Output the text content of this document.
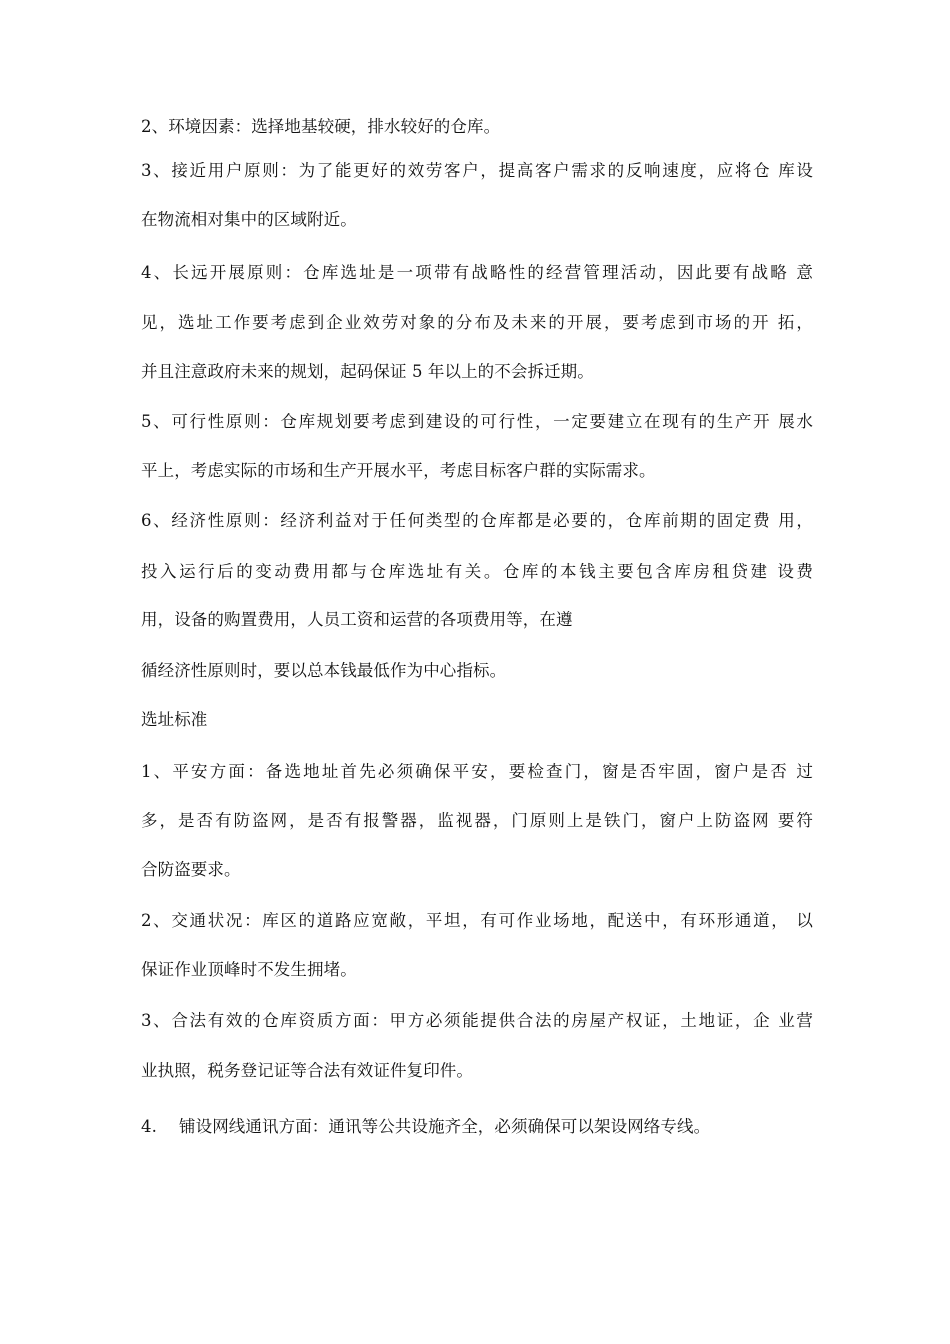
2、环境因素：选择地基较硬，排水较好的仓库。
3、接近用户原则：为了能更好的效劳客户，提高客户需求的反响速度，应将仓 库设
在物流相对集中的区域附近。
4、长远开展原则：仓库选址是一项带有战略性的经营管理活动，因此要有战略 意
见，选址工作要考虑到企业效劳对象的分布及未来的开展，要考虑到市场的开 拓，
并且注意政府未来的规划，起码保证 5 年以上的不会拆迁期。
5、可行性原则：仓库规划要考虑到建设的可行性，一定要建立在现有的生产开 展水
平上，考虑实际的市场和生产开展水平，考虑目标客户群的实际需求。
6、经济性原则：经济利益对于任何类型的仓库都是必要的，仓库前期的固定费 用，
投入运行后的变动费用都与仓库选址有关。仓库的本钱主要包含库房租贷建 设费
用，设备的购置费用，人员工资和运营的各项费用等，在遵
循经济性原则时，要以总本钱最低作为中心指标。
选址标准
1、平安方面：备选地址首先必须确保平安，要检查门，窗是否牢固，窗户是否 过
多，是否有防盗网，是否有报警器，监视器，门原则上是铁门，窗户上防盗网 要符
合防盗要求。
2、交通状况：库区的道路应宽敞，平坦，有可作业场地，配送中，有环形通道， 以
保证作业顶峰时不发生拥堵。
3、合法有效的仓库资质方面：甲方必须能提供合法的房屋产权证，土地证，企 业营
业执照，税务登记证等合法有效证件复印件。
4. 铺设网线通讯方面：通讯等公共设施齐全，必须确保可以架设网络专线。
